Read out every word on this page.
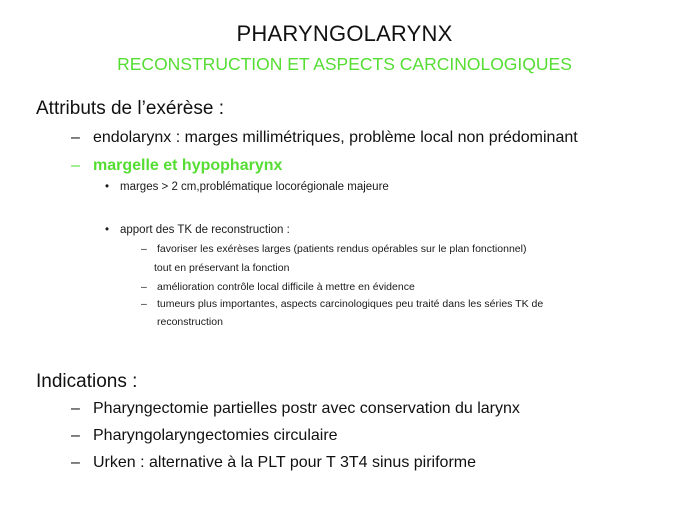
PHARYNGOLARYNX
RECONSTRUCTION ET ASPECTS CARCINOLOGIQUES
Attributs de l’exérèse :
– endolarynx : marges millimétriques, problème local non prédominant
– margelle et hypopharynx
• marges > 2 cm,problématique locorégionale majeure
• apport des TK de reconstruction :
– favoriser les exérèses larges (patients rendus opérables sur le plan fonctionnel)
tout en préservant la fonction
– amélioration contrôle local difficile à mettre en évidence
– tumeurs plus importantes, aspects carcinologiques peu traité dans les séries TK de
reconstruction
Indications :
– Pharyngectomie partielles postr avec conservation du larynx
– Pharyngolaryngectomies circulaire
– Urken : alternative à la PLT pour T 3T4 sinus piriforme
